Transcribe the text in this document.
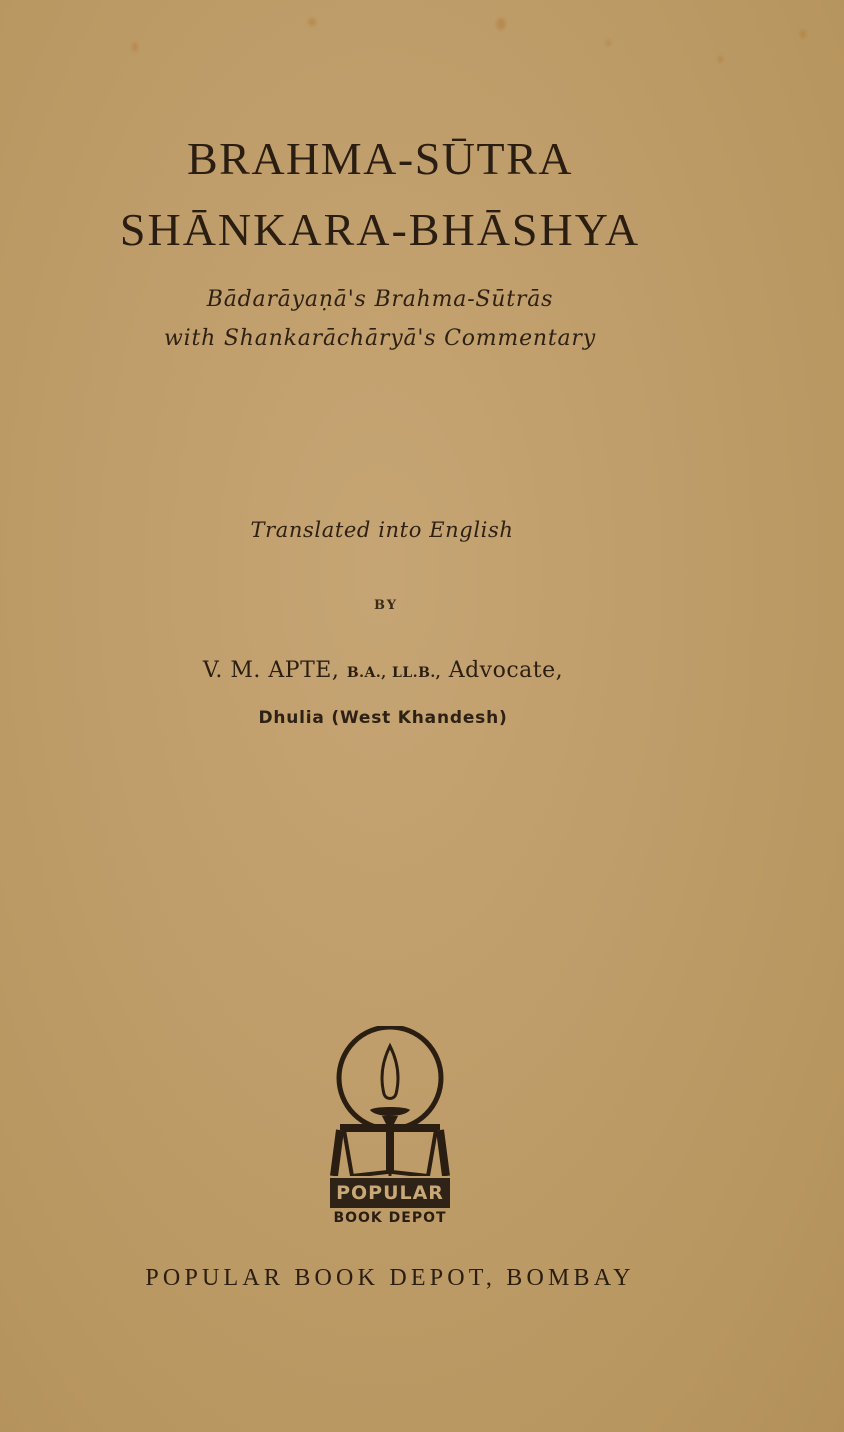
BRAHMA-SŪTRA
SHĀNKARA-BHĀSHYA
Bādarāyaṇā's Brahma-Sūtrās
with Shankarāchāryā's Commentary
Translated into English
BY
V. M. APTE, B.A., LL.B., Advocate,
Dhulia (West Khandesh)
POPULAR
BOOK DEPOT
POPULAR BOOK DEPOT, BOMBAY
